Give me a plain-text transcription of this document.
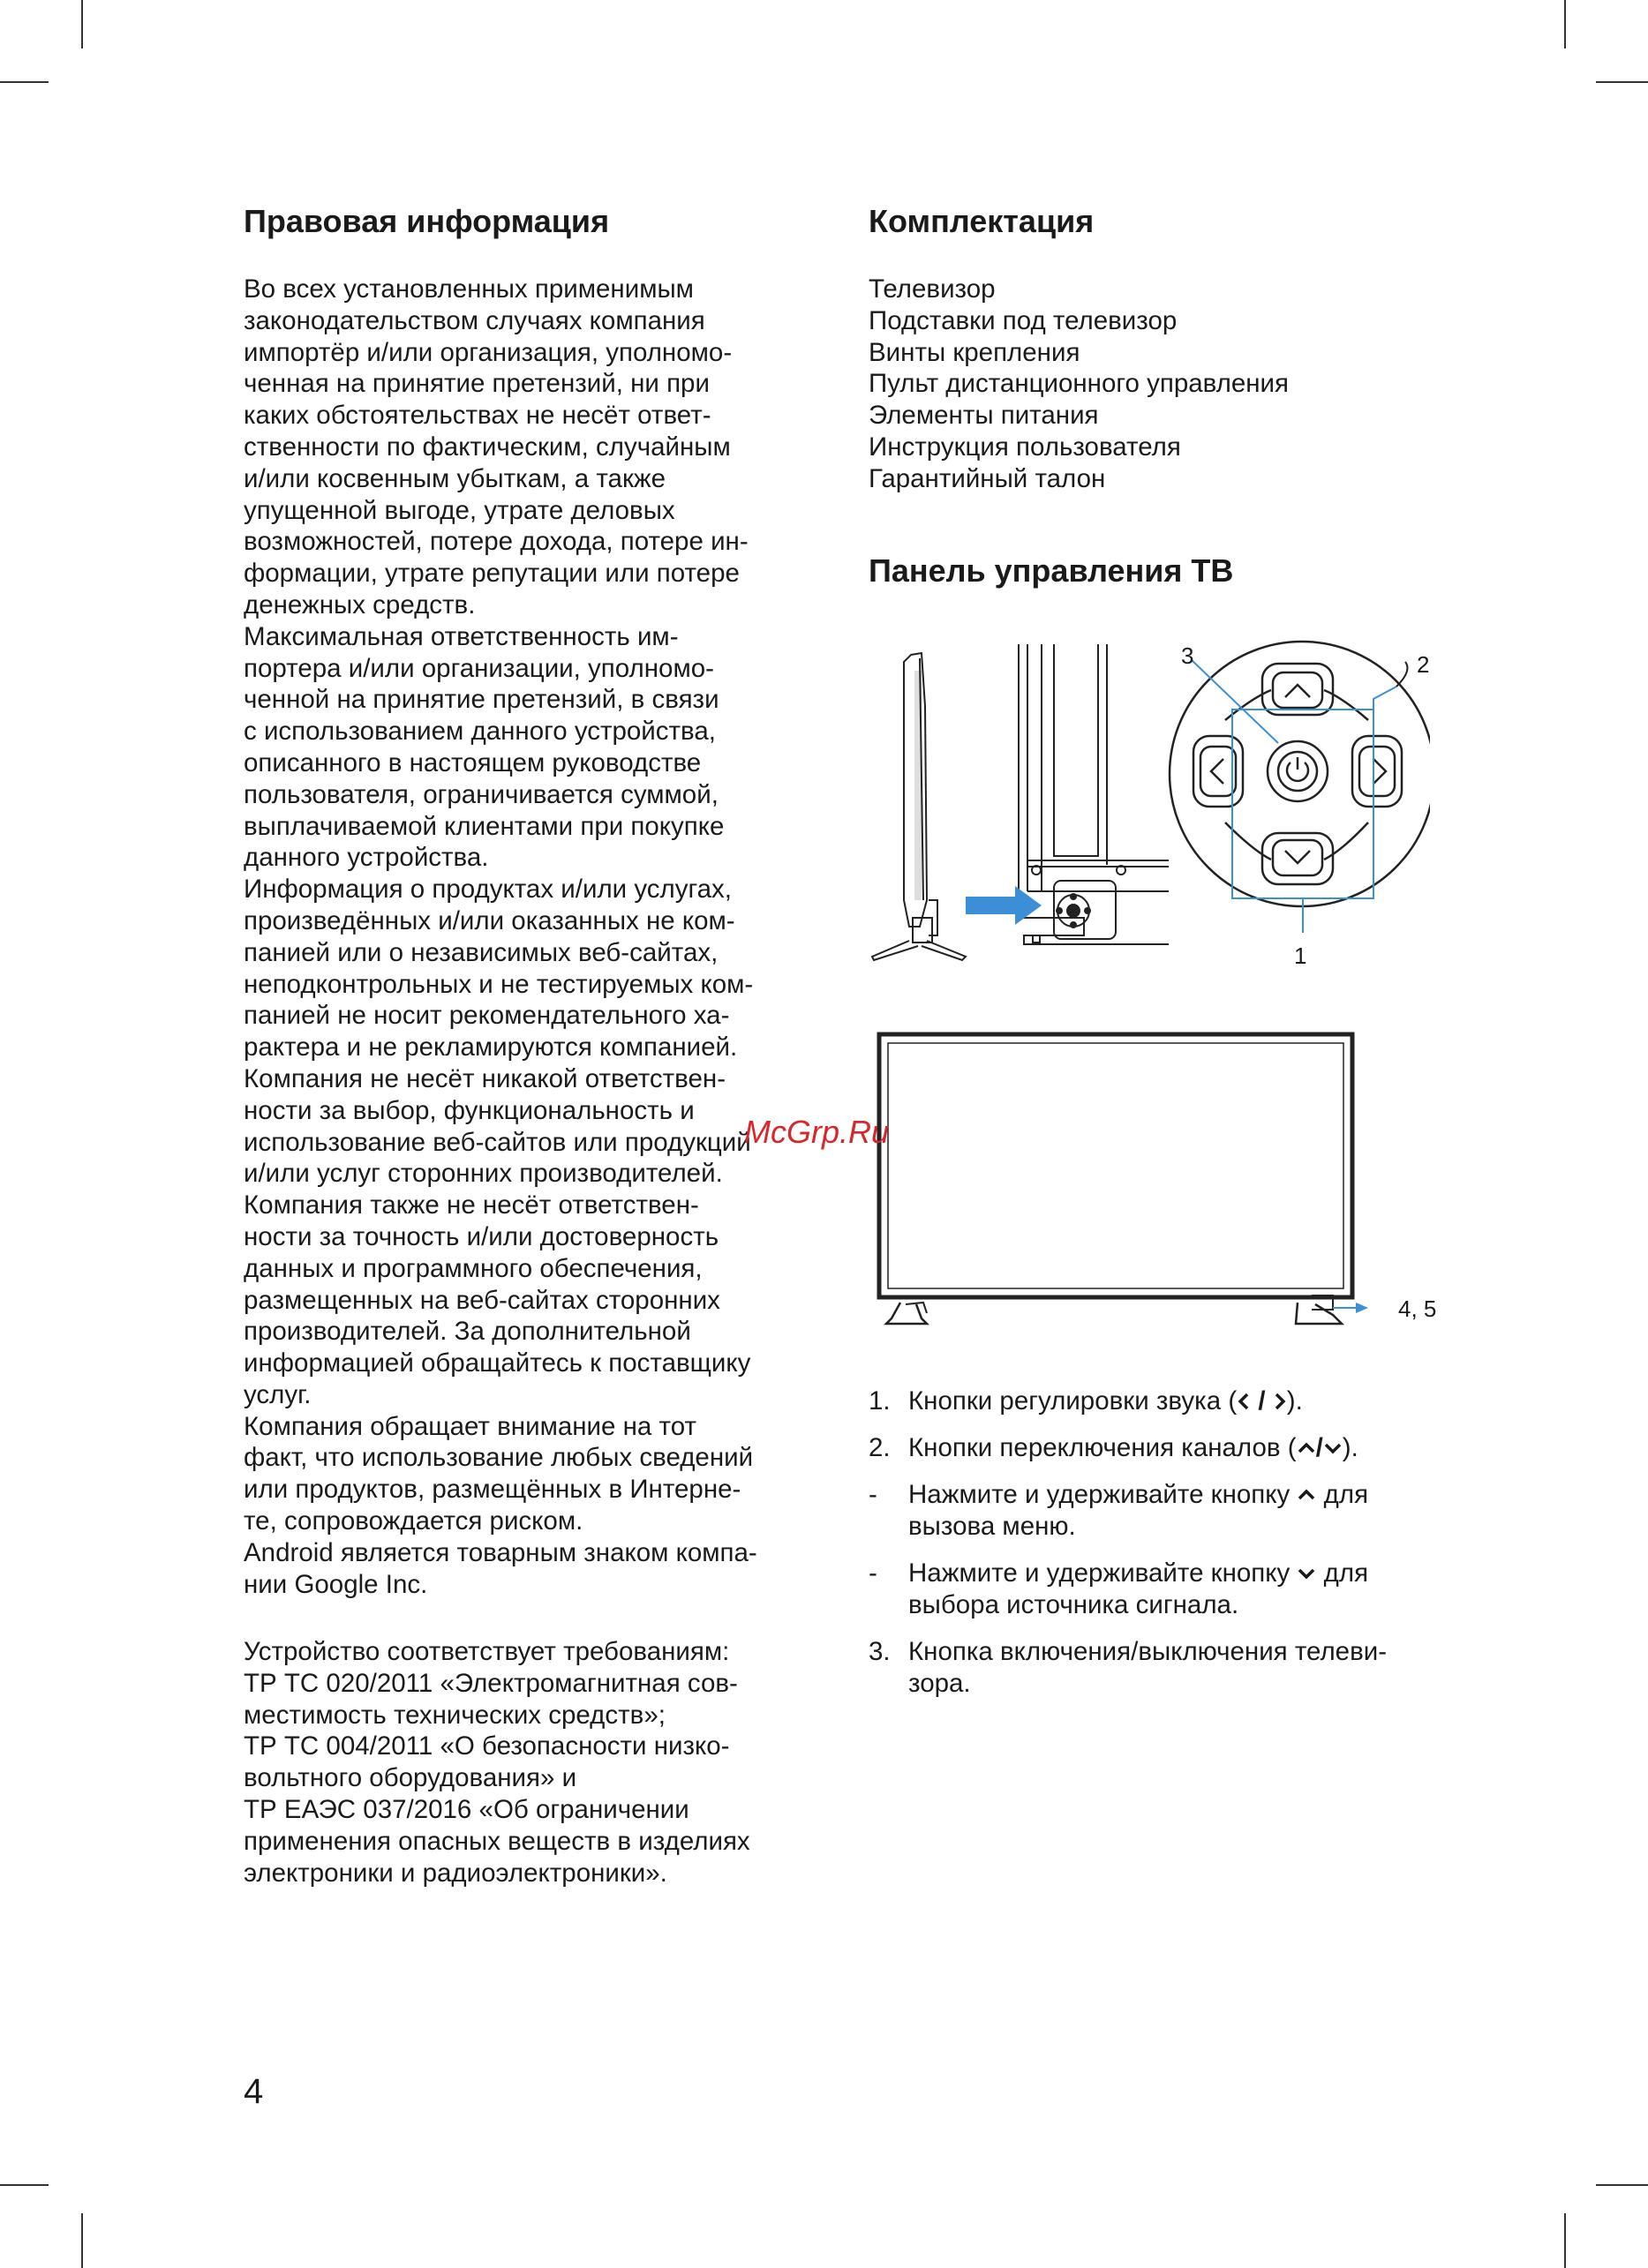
Правовая информация
Во всех установленных применимым
законодательством случаях компания
импортёр и/или организация, уполномо-
ченная на принятие претензий, ни при
каких обстоятельствах не несёт ответ-
ственности по фактическим, случайным
и/или косвенным убыткам, а также
упущенной выгоде, утрате деловых
возможностей, потере дохода, потере ин-
формации, утрате репутации или потере
денежных средств.
Максимальная ответственность им-
портера и/или организации, уполномо-
ченной на принятие претензий, в связи
с использованием данного устройства,
описанного в настоящем руководстве
пользователя, ограничивается суммой,
выплачиваемой клиентами при покупке
данного устройства.
Информация о продуктах и/или услугах,
произведённых и/или оказанных не ком-
панией или о независимых веб-сайтах,
неподконтрольных и не тестируемых ком-
панией не носит рекомендательного ха-
рактера и не рекламируются компанией.
Компания не несёт никакой ответствен-
ности за выбор, функциональность и
использование веб-сайтов или продукций
и/или услуг сторонних производителей.
Компания также не несёт ответствен-
ности за точность и/или достоверность
данных и программного обеспечения,
размещенных на веб-сайтах сторонних
производителей. За дополнительной
информацией обращайтесь к поставщику
услуг.
Компания обращает внимание на тот
факт, что использование любых сведений
или продуктов, размещённых в Интерне-
те, сопровождается риском.
Android является товарным знаком компа-
нии Google Inc.
Устройство соответствует требованиям:
ТР ТС 020/2011 «Электромагнитная сов-
местимость технических средств»;
ТР ТС 004/2011 «О безопасности низко-
вольтного оборудования» и
ТР ЕАЭС 037/2016 «Об ограничении
применения опасных веществ в изделиях
электроники и радиоэлектроники».
Комплектация
Телевизор
Подставки под телевизор
Винты крепления
Пульт дистанционного управления
Элементы питания
Инструкция пользователя
Гарантийный талон
Панель управления ТВ
1
2
3
4, 5
1. Кнопки регулировки звука ( / ).
2. Кнопки переключения каналов ( / ).
-	Нажмите и удерживайте кнопку  для
вызова меню.
-	Нажмите и удерживайте кнопку  для
выбора источника сигнала.
3. Кнопка включения/выключения телеви-
зора.
McGrp.Ru
4
